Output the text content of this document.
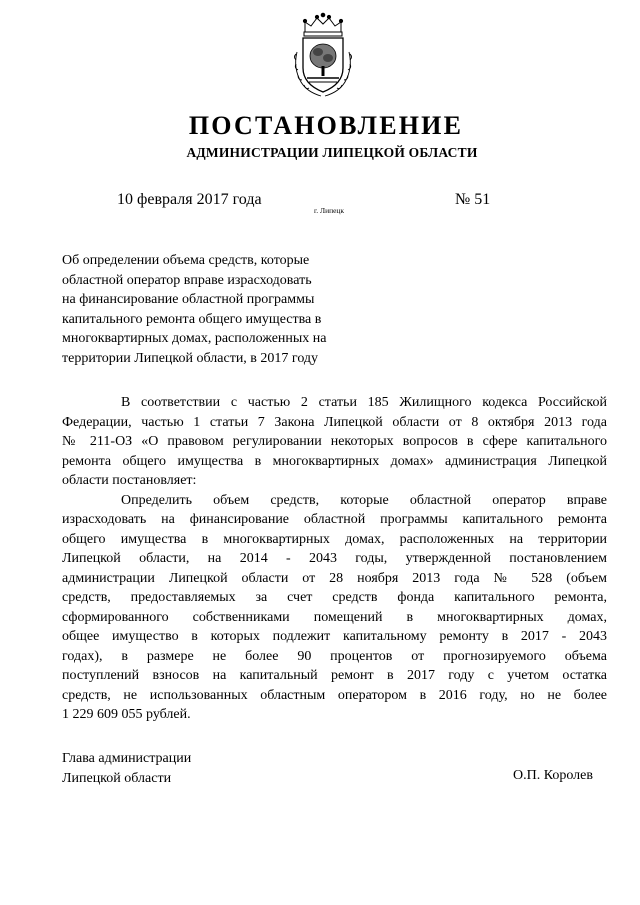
ПОСТАНОВЛЕНИЕ
АДМИНИСТРАЦИИ ЛИПЕЦКОЙ ОБЛАСТИ
10 февраля 2017 года
г. Липецк
№ 51
Об определении объема средств, которые
областной оператор вправе израсходовать
на финансирование областной программы
капитального ремонта общего имущества в
многоквартирных домах, расположенных на
территории Липецкой области, в 2017 году
В соответствии с частью 2 статьи 185 Жилищного кодекса Российской
Федерации, частью 1 статьи 7 Закона Липецкой области от 8 октября 2013 года
№ 211-ОЗ «О правовом регулировании некоторых вопросов в сфере капитального
ремонта общего имущества в многоквартирных домах» администрация Липецкой
области постановляет:
Определить объем средств, которые областной оператор вправе
израсходовать на финансирование областной программы капитального ремонта
общего имущества в многоквартирных домах, расположенных на территории
Липецкой области, на 2014 - 2043 годы, утвержденной постановлением
администрации Липецкой области от 28 ноября 2013 года № 528 (объем
средств, предоставляемых за счет средств фонда капитального ремонта,
сформированного собственниками помещений в многоквартирных домах,
общее имущество в которых подлежит капитальному ремонту в 2017 - 2043
годах), в размере не более 90 процентов от прогнозируемого объема
поступлений взносов на капитальный ремонт в 2017 году с учетом остатка
средств, не использованных областным оператором в 2016 году, но не более
1 229 609 055 рублей.
Глава администрации
Липецкой области	О.П. Королев
